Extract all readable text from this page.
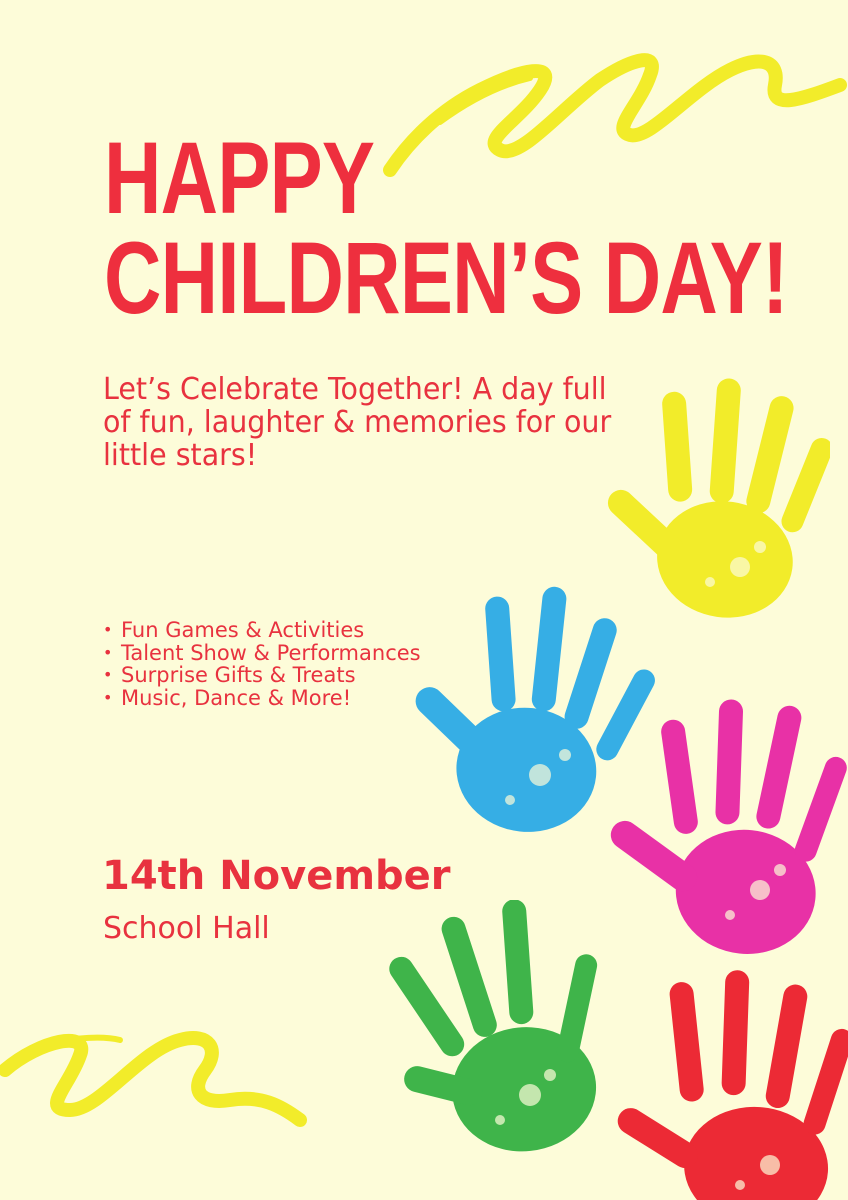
HAPPY
CHILDREN’S DAY!

Let’s Celebrate Together! A day full of fun, laughter & memories for our little stars!

• Fun Games & Activities
• Talent Show & Performances
• Surprise Gifts & Treats
• Music, Dance & More!

14th November

School Hall
